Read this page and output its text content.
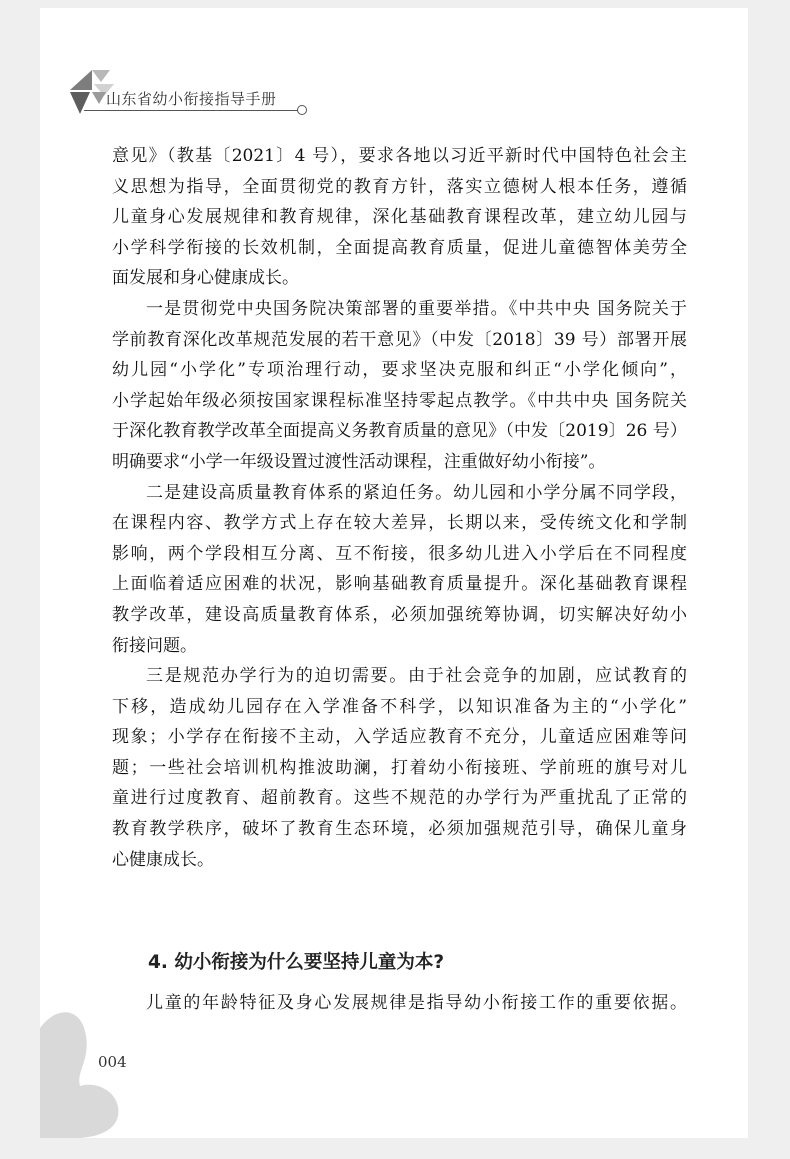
山东省幼小衔接指导手册
意见》（教基〔2021〕4 号），要求各地以习近平新时代中国特色社会主
义思想为指导，全面贯彻党的教育方针，落实立德树人根本任务，遵循
儿童身心发展规律和教育规律，深化基础教育课程改革，建立幼儿园与
小学科学衔接的长效机制，全面提高教育质量，促进儿童德智体美劳全
面发展和身心健康成长。
一是贯彻党中央国务院决策部署的重要举措。《中共中央 国务院关于
学前教育深化改革规范发展的若干意见》（中发〔2018〕39 号）部署开展
幼儿园“小学化”专项治理行动，要求坚决克服和纠正“小学化倾向”，
小学起始年级必须按国家课程标准坚持零起点教学。《中共中央 国务院关
于深化教育教学改革全面提高义务教育质量的意见》（中发〔2019〕26 号）
明确要求“小学一年级设置过渡性活动课程，注重做好幼小衔接”。
二是建设高质量教育体系的紧迫任务。幼儿园和小学分属不同学段，
在课程内容、教学方式上存在较大差异，长期以来，受传统文化和学制
影响，两个学段相互分离、互不衔接，很多幼儿进入小学后在不同程度
上面临着适应困难的状况，影响基础教育质量提升。深化基础教育课程
教学改革，建设高质量教育体系，必须加强统筹协调，切实解决好幼小
衔接问题。
三是规范办学行为的迫切需要。由于社会竞争的加剧，应试教育的
下移，造成幼儿园存在入学准备不科学，以知识准备为主的“小学化”
现象；小学存在衔接不主动，入学适应教育不充分，儿童适应困难等问
题；一些社会培训机构推波助澜，打着幼小衔接班、学前班的旗号对儿
童进行过度教育、超前教育。这些不规范的办学行为严重扰乱了正常的
教育教学秩序，破坏了教育生态环境，必须加强规范引导，确保儿童身
心健康成长。
4. 幼小衔接为什么要坚持儿童为本?
儿童的年龄特征及身心发展规律是指导幼小衔接工作的重要依据。
004
